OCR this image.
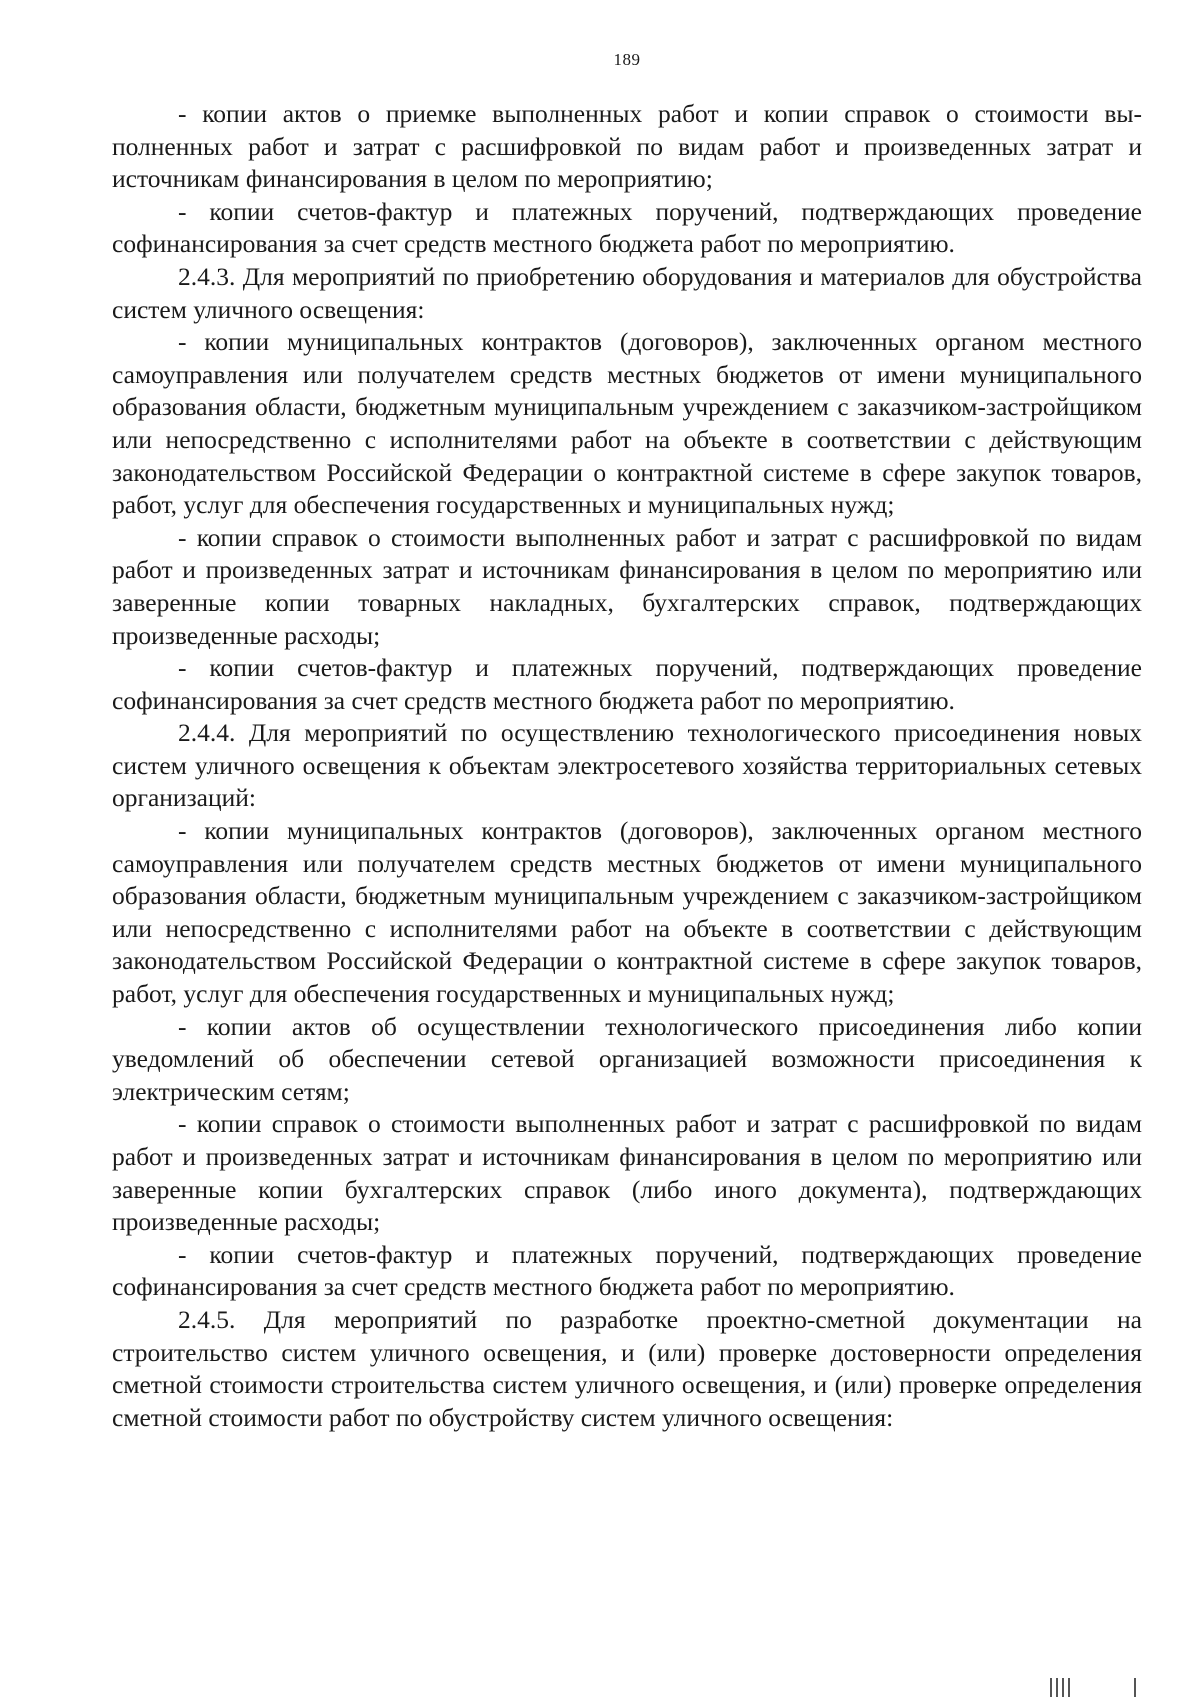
189

- копии актов о приемке выполненных работ и копии справок о стоимости выполненных работ и затрат с расшифровкой по видам работ и произведенных затрат и источникам финансирования в целом по мероприятию;

- копии счетов-фактур и платежных поручений, подтверждающих проведение софинансирования за счет средств местного бюджета работ по мероприятию.

2.4.3. Для мероприятий по приобретению оборудования и материалов для обустройства систем уличного освещения:

- копии муниципальных контрактов (договоров), заключенных органом местного самоуправления или получателем средств местных бюджетов от имени муниципального образования области, бюджетным муниципальным учреждением с заказчиком-застройщиком или непосредственно с исполнителями работ на объекте в соответствии с действующим законодательством Российской Федерации о контрактной системе в сфере закупок товаров, работ, услуг для обеспечения государственных и муниципальных нужд;

- копии справок о стоимости выполненных работ и затрат с расшифровкой по видам работ и произведенных затрат и источникам финансирования в целом по мероприятию или заверенные копии товарных накладных, бухгалтерских справок, подтверждающих произведенные расходы;

- копии счетов-фактур и платежных поручений, подтверждающих проведение софинансирования за счет средств местного бюджета работ по мероприятию.

2.4.4. Для мероприятий по осуществлению технологического присоединения новых систем уличного освещения к объектам электросетевого хозяйства территориальных сетевых организаций:

- копии муниципальных контрактов (договоров), заключенных органом местного самоуправления или получателем средств местных бюджетов от имени муниципального образования области, бюджетным муниципальным учреждением с заказчиком-застройщиком или непосредственно с исполнителями работ на объекте в соответствии с действующим законодательством Российской Федерации о контрактной системе в сфере закупок товаров, работ, услуг для обеспечения государственных и муниципальных нужд;

- копии актов об осуществлении технологического присоединения либо копии уведомлений об обеспечении сетевой организацией возможности присоединения к электрическим сетям;

- копии справок о стоимости выполненных работ и затрат с расшифровкой по видам работ и произведенных затрат и источникам финансирования в целом по мероприятию или заверенные копии бухгалтерских справок (либо иного документа), подтверждающих произведенные расходы;

- копии счетов-фактур и платежных поручений, подтверждающих проведение софинансирования за счет средств местного бюджета работ по мероприятию.

2.4.5. Для мероприятий по разработке проектно-сметной документации на строительство систем уличного освещения, и (или) проверке достоверности определения сметной стоимости строительства систем уличного освещения, и (или) проверке определения сметной стоимости работ по обустройству систем уличного освещения:
